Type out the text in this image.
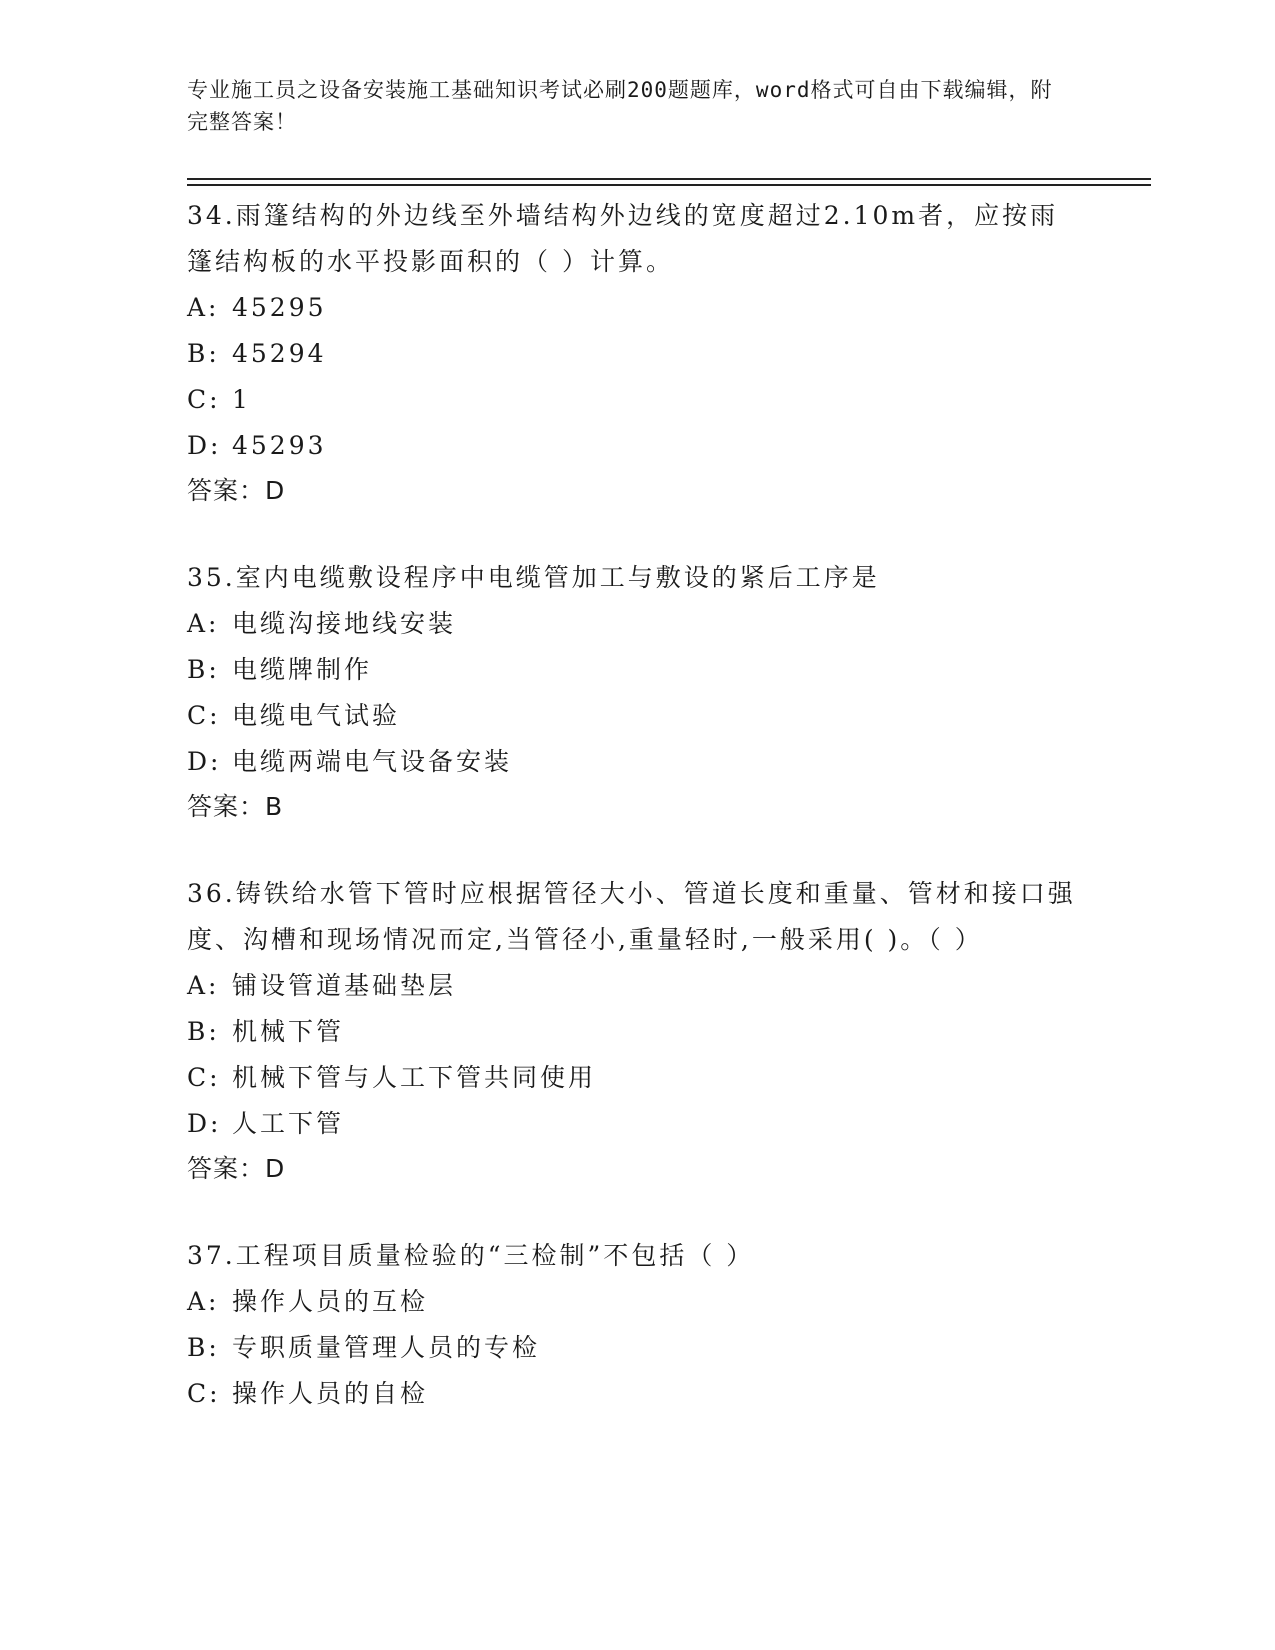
专业施工员之设备安装施工基础知识考试必刷200题题库，word格式可自由下载编辑，附完整答案！
34.雨篷结构的外边线至外墙结构外边线的宽度超过2.10m者，应按雨篷结构板的水平投影面积的（ ）计算。
A: 45295
B: 45294
C: 1
D: 45293
答案：D
35.室内电缆敷设程序中电缆管加工与敷设的紧后工序是
A: 电缆沟接地线安装
B: 电缆牌制作
C: 电缆电气试验
D: 电缆两端电气设备安装
答案：B
36.铸铁给水管下管时应根据管径大小、管道长度和重量、管材和接口强度、沟槽和现场情况而定,当管径小,重量轻时,一般采用( )。（ ）
A: 铺设管道基础垫层
B: 机械下管
C: 机械下管与人工下管共同使用
D: 人工下管
答案：D
37.工程项目质量检验的“三检制”不包括（ ）
A: 操作人员的互检
B: 专职质量管理人员的专检
C: 操作人员的自检
